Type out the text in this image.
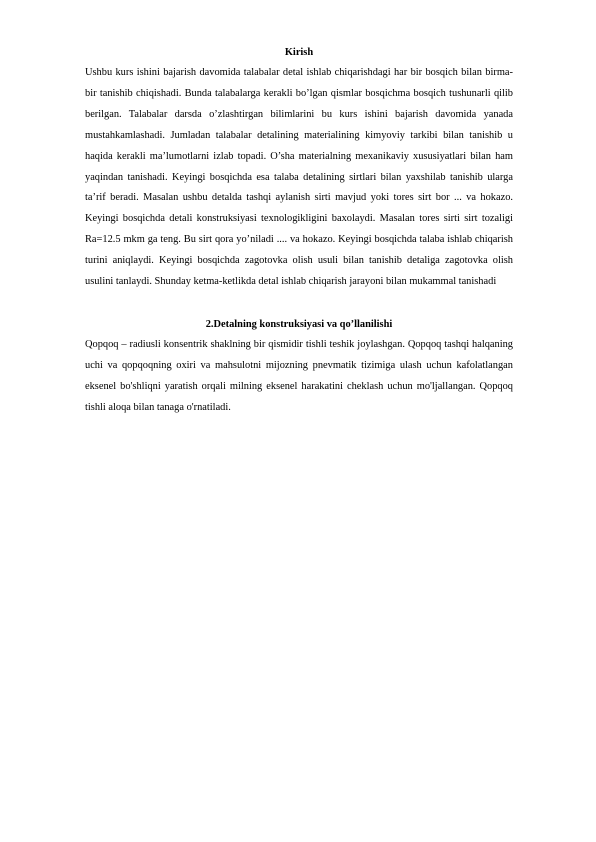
Kirish

Ushbu kurs ishini bajarish davomida talabalar detal ishlab chiqarishdagi har bir bosqich bilan birma-bir tanishib chiqishadi. Bunda talabalarga kerakli bo’lgan qismlar bosqichma bosqich tushunarli qilib berilgan. Talabalar darsda o’zlashtirgan bilimlarini bu kurs ishini bajarish davomida yanada mustahkamlashadi. Jumladan talabalar detalining materialining kimyoviy tarkibi bilan tanishib u haqida kerakli ma’lumotlarni izlab topadi. O’sha materialning mexanikaviy xususiyatlari bilan ham yaqindan tanishadi. Keyingi bosqichda esa talaba detalining sirtlari bilan yaxshilab tanishib ularga ta’rif beradi. Masalan ushbu detalda tashqi aylanish sirti mavjud yoki tores sirt bor ... va hokazo. Keyingi bosqichda detali konstruksiyasi texnologikligini baxolaydi. Masalan tores sirti sirt tozaligi Ra=12.5 mkm ga teng. Bu sirt qora yo’niladi .... va hokazo. Keyingi bosqichda talaba ishlab chiqarish turini aniqlaydi. Keyingi bosqichda zagotovka olish usuli bilan tanishib detaliga zagotovka olish usulini tanlaydi. Shunday ketma-ketlikda detal ishlab chiqarish jarayoni bilan mukammal tanishadi

2.Detalning konstruksiyasi va qo’llanilishi

Qopqoq – radiusli konsentrik shaklning bir qismidir tishli teshik joylashgan. Qopqoq tashqi halqaning uchi va qopqoqning oxiri va mahsulotni mijozning pnevmatik tizimiga ulash uchun kafolatlangan eksenel bo'shliqni yaratish orqali milning eksenel harakatini cheklash uchun mo'ljallangan. Qopqoq tishli aloqa bilan tanaga o'rnatiladi.
